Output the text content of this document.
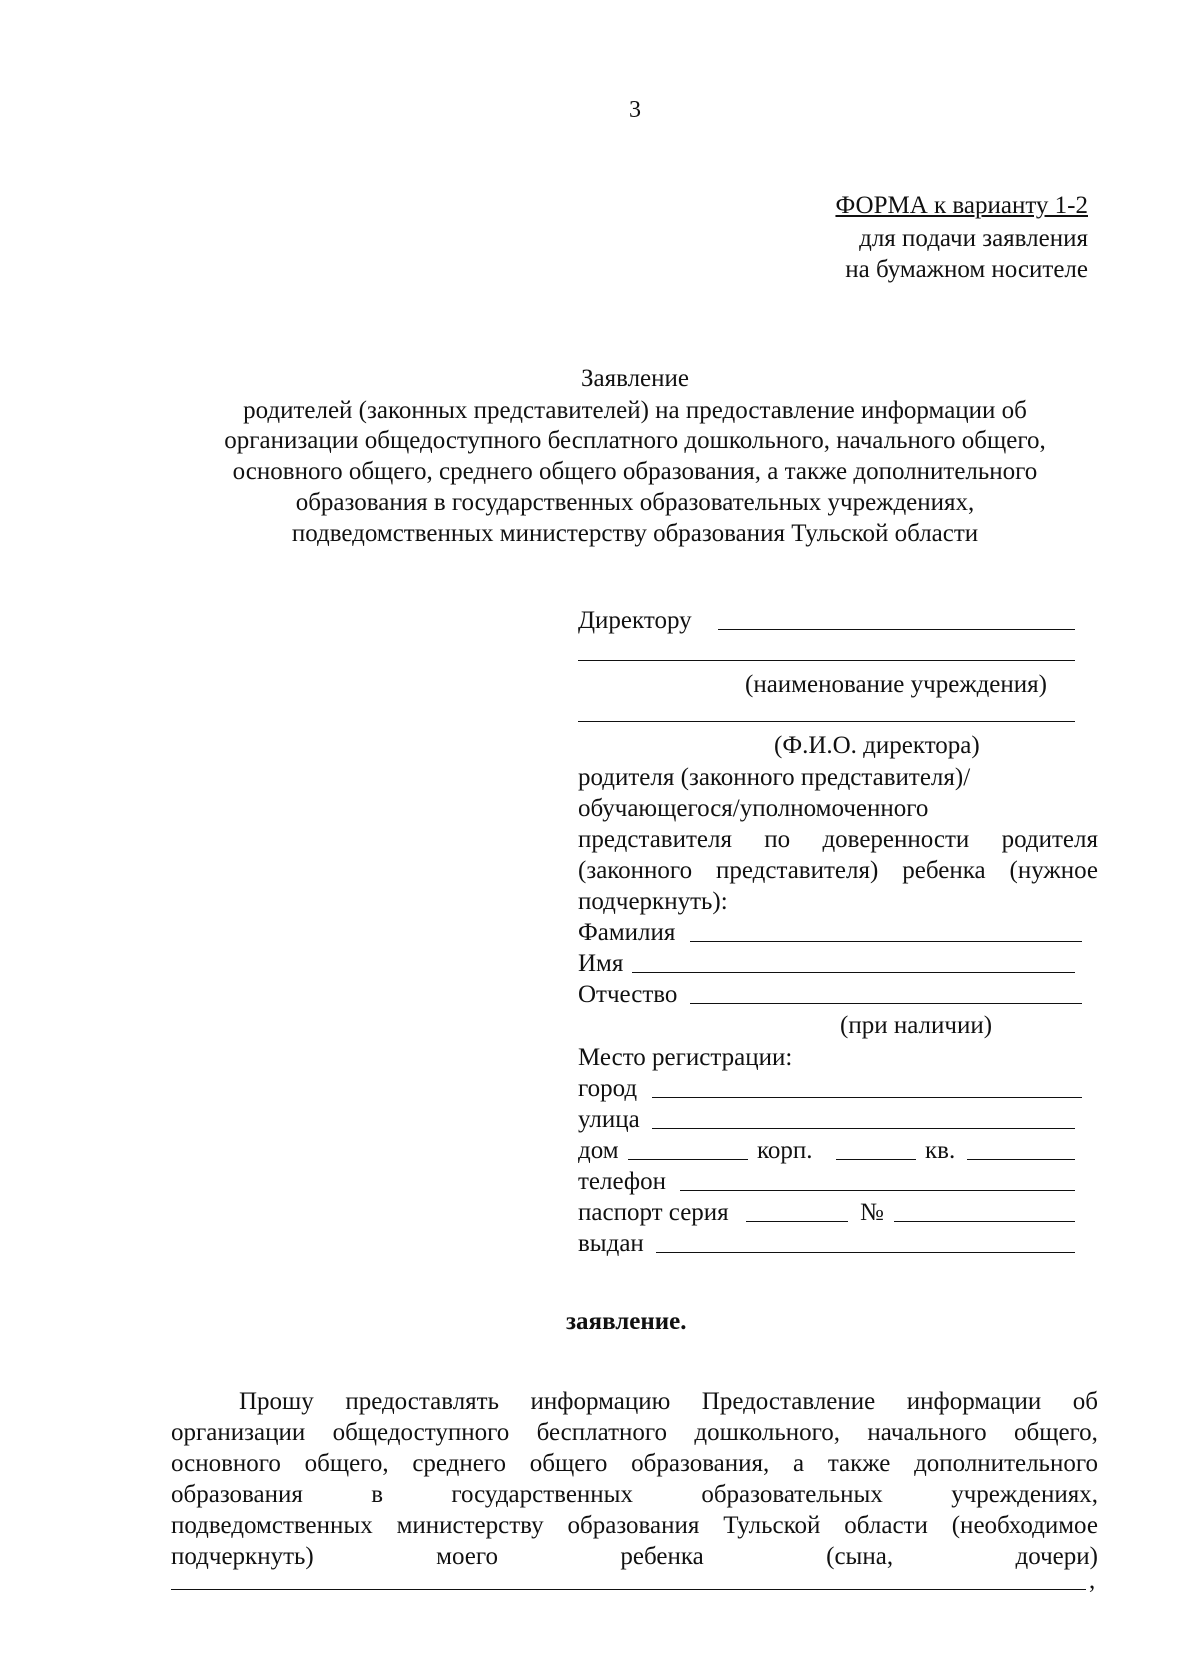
3
ФОРМА к варианту 1-2
для подачи заявления
на бумажном носителе
Заявление
родителей (законных представителей) на предоставление информации об
организации общедоступного бесплатного дошкольного, начального общего,
основного общего, среднего общего образования, а также дополнительного
образования в государственных образовательных учреждениях,
подведомственных министерству образования Тульской области
Директору
(наименование учреждения)
(Ф.И.О. директора)
родителя (законного представителя)/
обучающегося/уполномоченного
представителя по доверенности родителя
(законного представителя) ребенка (нужное
подчеркнуть):
Фамилия
Имя
Отчество
(при наличии)
Место регистрации:
город
улица
дом	корп.	кв.
телефон
паспорт серия	№
выдан
заявление.
Прошу предоставлять информацию Предоставление информации об
организации общедоступного бесплатного дошкольного, начального общего,
основного общего, среднего общего образования, а также дополнительного
образования	в	государственных	образовательных	учреждениях,
подведомственных министерству образования Тульской области (необходимое
подчеркнуть)	моего	ребенка	(сына,	дочери)
,
